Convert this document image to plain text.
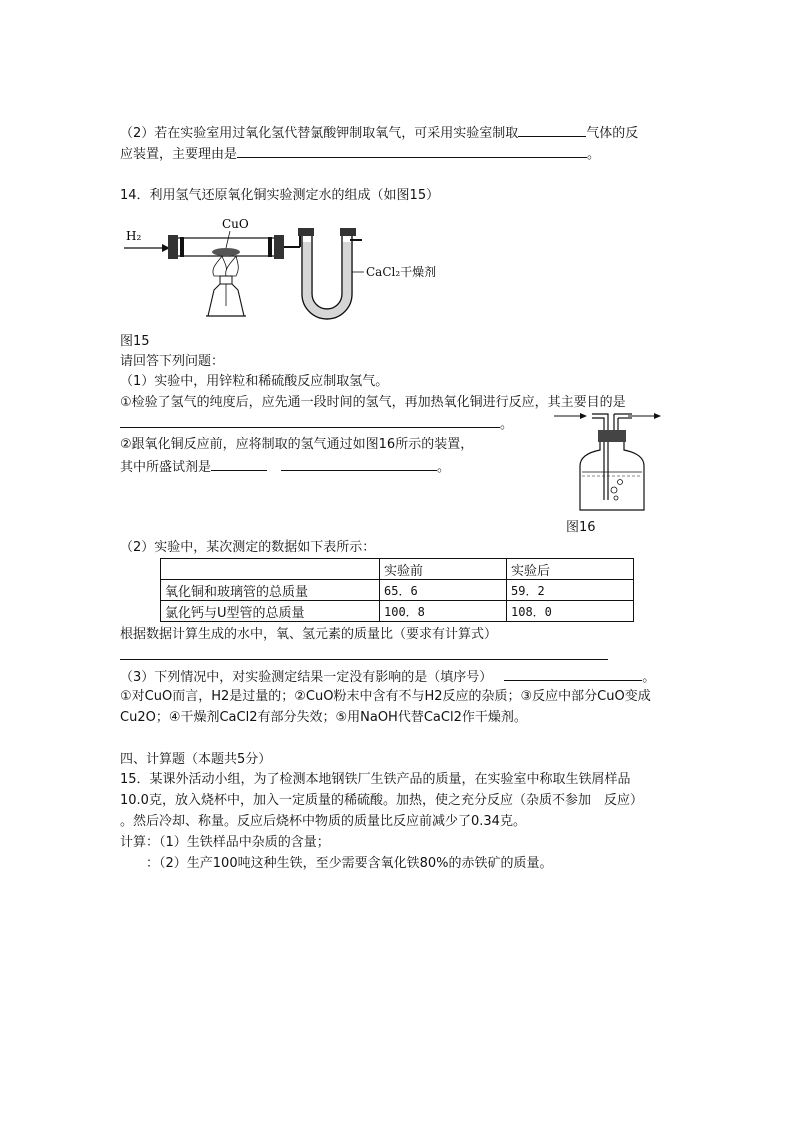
（2）若在实验室用过氧化氢代替氯酸钾制取氧气，可采用实验室制取	气体的反
应装置，主要理由是	。
14．利用氢气还原氧化铜实验测定水的组成（如图15）
H₂
CuO
CaCl₂干燥剂
图15
请回答下列问题：
（1）实验中，用锌粒和稀硫酸反应制取氢气。
①检验了氢气的纯度后，应先通一段时间的氢气，再加热氧化铜进行反应，其主要目的是
。
②跟氧化铜反应前，应将制取的氢气通过如图16所示的装置，
其中所盛试剂是	。
图16
（2）实验中，某次测定的数据如下表所示：
	实验前	实验后
氧化铜和玻璃管的总质量	65．6	59．2
氯化钙与U型管的总质量	100．8	108．0
根据数据计算生成的水中，氧、氢元素的质量比（要求有计算式）
（3）下列情况中，对实验测定结果一定没有影响的是（填序号）	。
①对CuO而言，H2是过量的；②CuO粉末中含有不与H2反应的杂质；③反应中部分CuO变成
Cu2O；④干燥剂CaCl2有部分失效；⑤用NaOH代替CaCl2作干燥剂。
四、计算题（本题共5分）
15．某课外活动小组，为了检测本地钢铁厂生铁产品的质量，在实验室中称取生铁屑样品
10.0克，放入烧杯中，加入一定质量的稀硫酸。加热，使之充分反应（杂质不参加　反应）
。然后冷却、称量。反应后烧杯中物质的质量比反应前减少了0.34克。
计算：（1）生铁样品中杂质的含量；
：（2）生产100吨这种生铁，至少需要含氧化铁80%的赤铁矿的质量。
